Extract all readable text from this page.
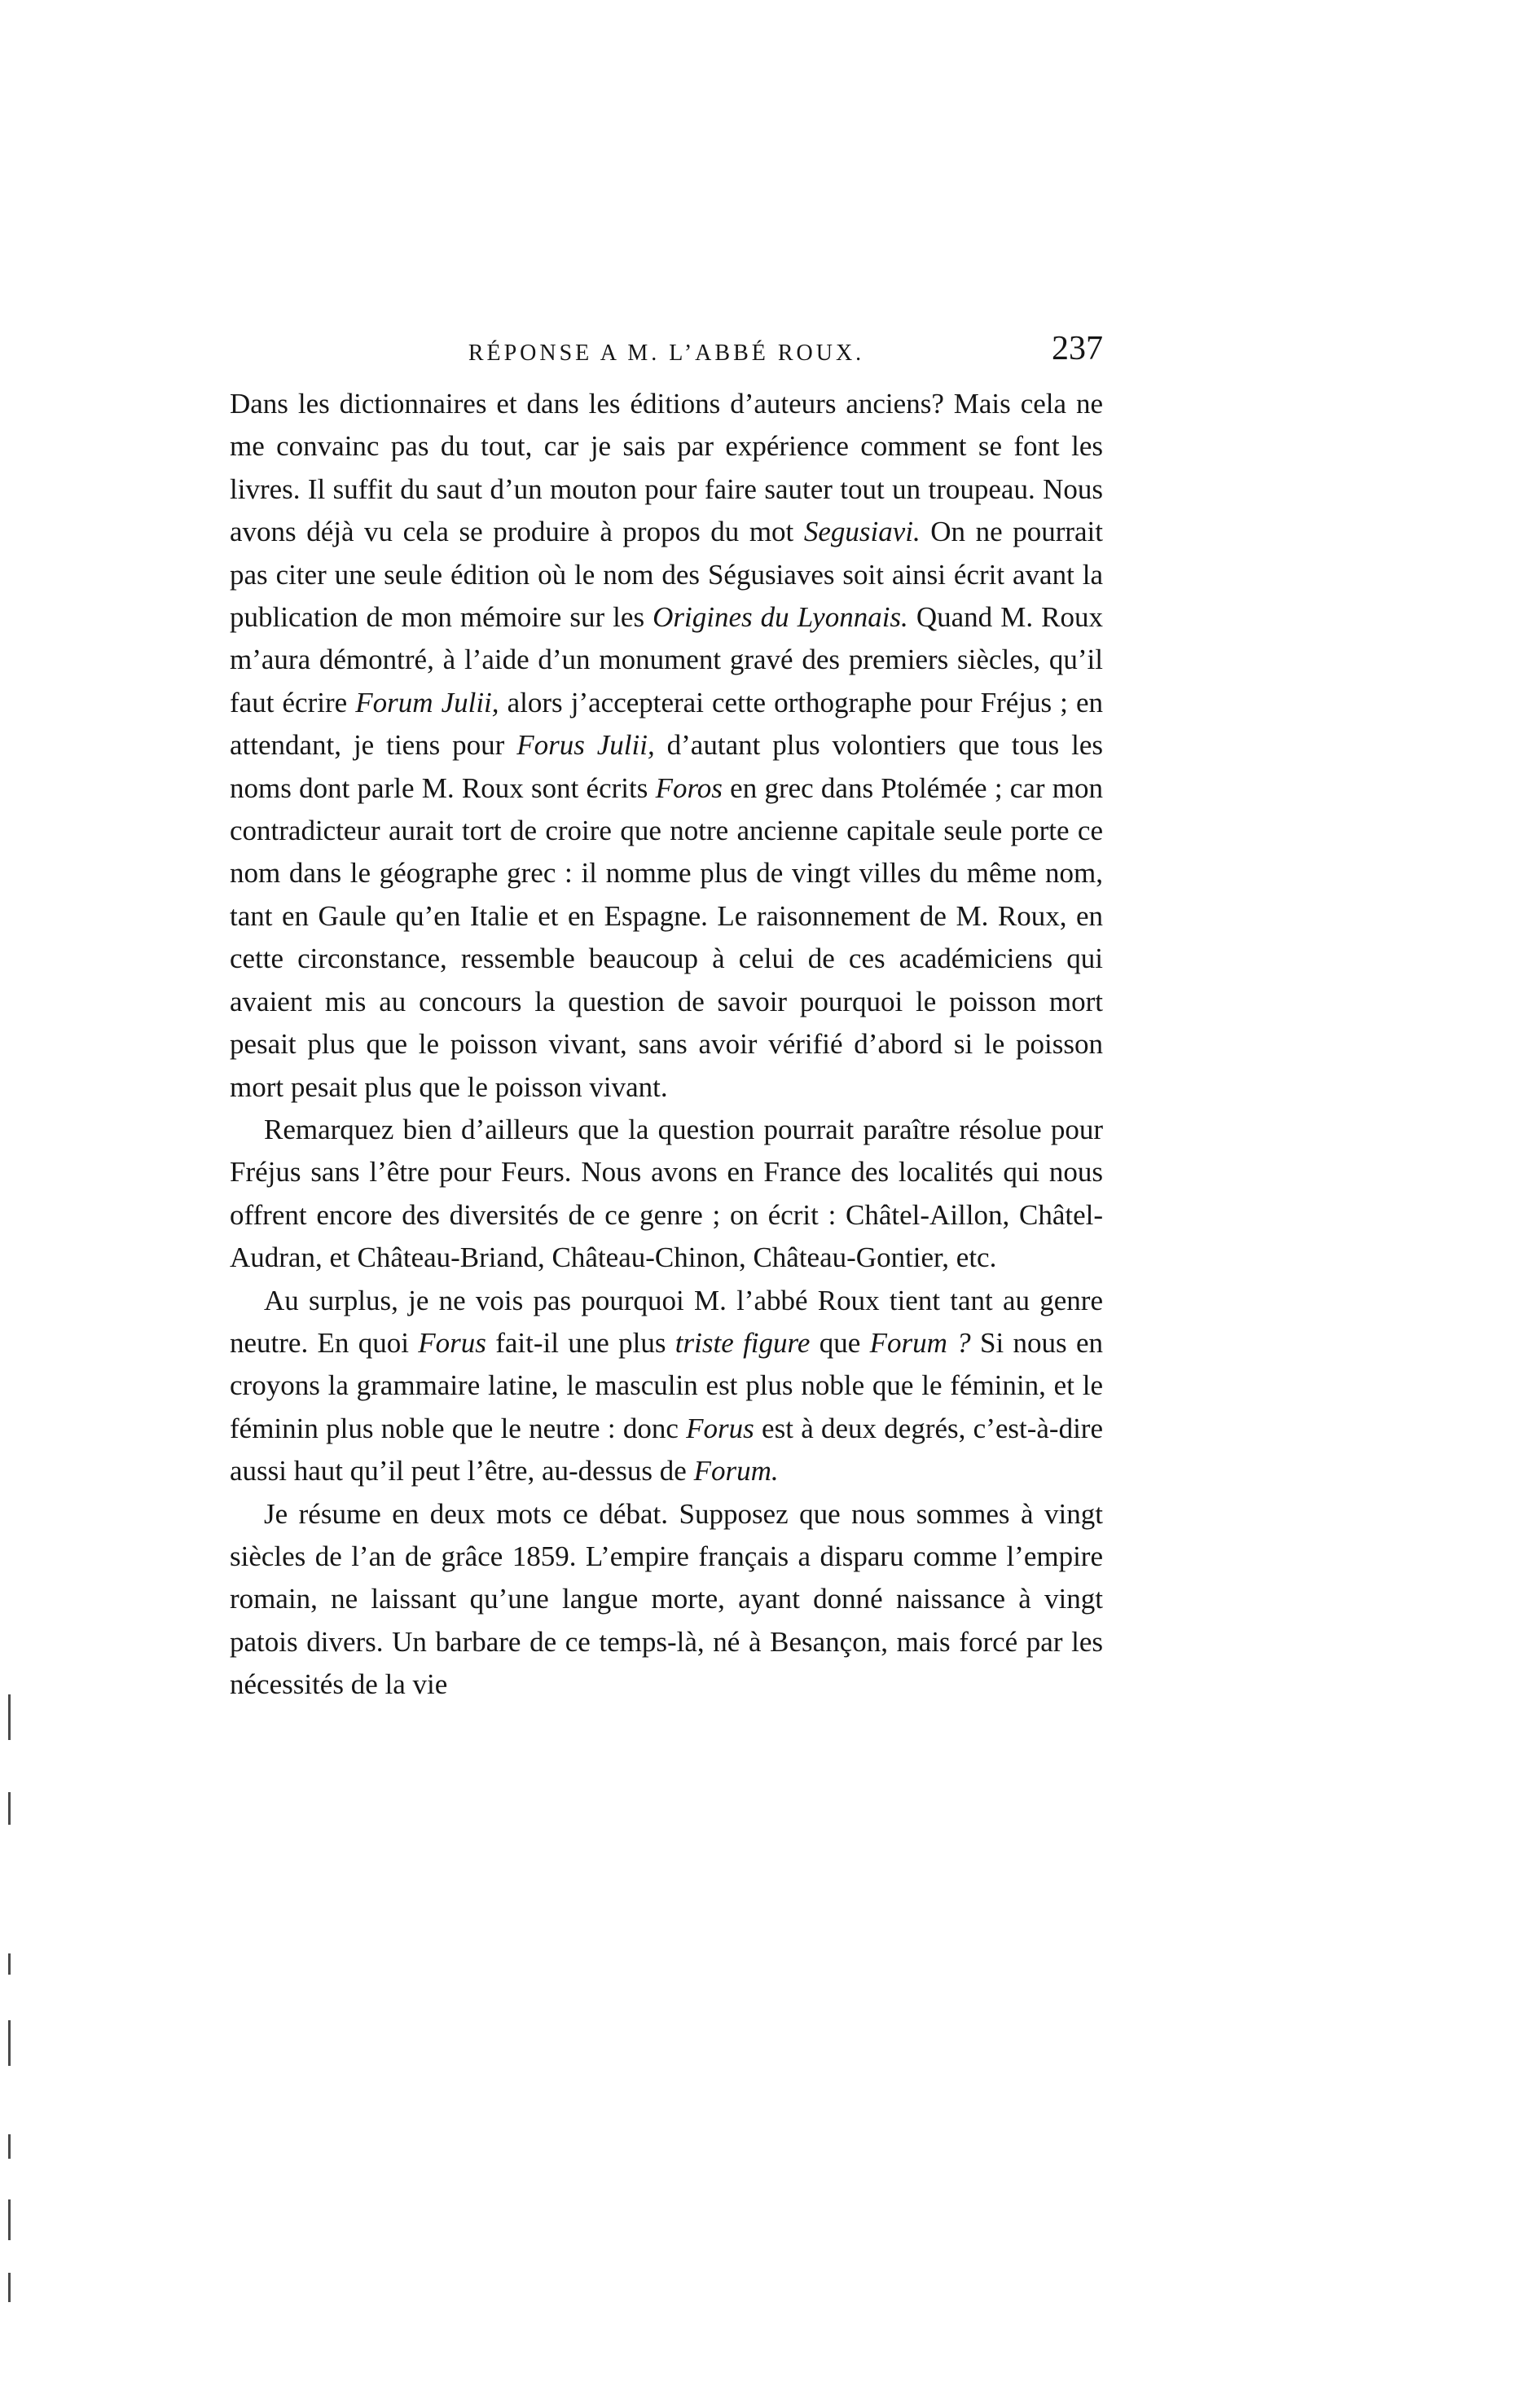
RÉPONSE A M. L’ABBÉ ROUX.	237

Dans les dictionnaires et dans les éditions d’auteurs anciens? Mais cela ne me convainc pas du tout, car je sais par expérience comment se font les livres. Il suffit du saut d’un mouton pour faire sauter tout un troupeau. Nous avons déjà vu cela se produire à propos du mot Segusiavi. On ne pourrait pas citer une seule édition où le nom des Ségusiaves soit ainsi écrit avant la publication de mon mémoire sur les Origines du Lyonnais. Quand M. Roux m’aura démontré, à l’aide d’un monument gravé des premiers siècles, qu’il faut écrire Forum Julii, alors j’accepterai cette orthographe pour Fréjus ; en attendant, je tiens pour Forus Julii, d’autant plus volontiers que tous les noms dont parle M. Roux sont écrits Foros en grec dans Ptolémée ; car mon contradicteur aurait tort de croire que notre ancienne capitale seule porte ce nom dans le géographe grec : il nomme plus de vingt villes du même nom, tant en Gaule qu’en Italie et en Espagne. Le raisonnement de M. Roux, en cette circonstance, ressemble beaucoup à celui de ces académiciens qui avaient mis au concours la question de savoir pourquoi le poisson mort pesait plus que le poisson vivant, sans avoir vérifié d’abord si le poisson mort pesait plus que le poisson vivant.

Remarquez bien d’ailleurs que la question pourrait paraître résolue pour Fréjus sans l’être pour Feurs. Nous avons en France des localités qui nous offrent encore des diversités de ce genre ; on écrit : Châtel-Aillon, Châtel-Audran, et Château-Briand, Château-Chinon, Château-Gontier, etc.

Au surplus, je ne vois pas pourquoi M. l’abbé Roux tient tant au genre neutre. En quoi Forus fait-il une plus triste figure que Forum ? Si nous en croyons la grammaire latine, le masculin est plus noble que le féminin, et le féminin plus noble que le neutre : donc Forus est à deux degrés, c’est-à-dire aussi haut qu’il peut l’être, au-dessus de Forum.

Je résume en deux mots ce débat. Supposez que nous sommes à vingt siècles de l’an de grâce 1859. L’empire français a disparu comme l’empire romain, ne laissant qu’une langue morte, ayant donné naissance à vingt patois divers. Un barbare de ce temps-là, né à Besançon, mais forcé par les nécessités de la vie
